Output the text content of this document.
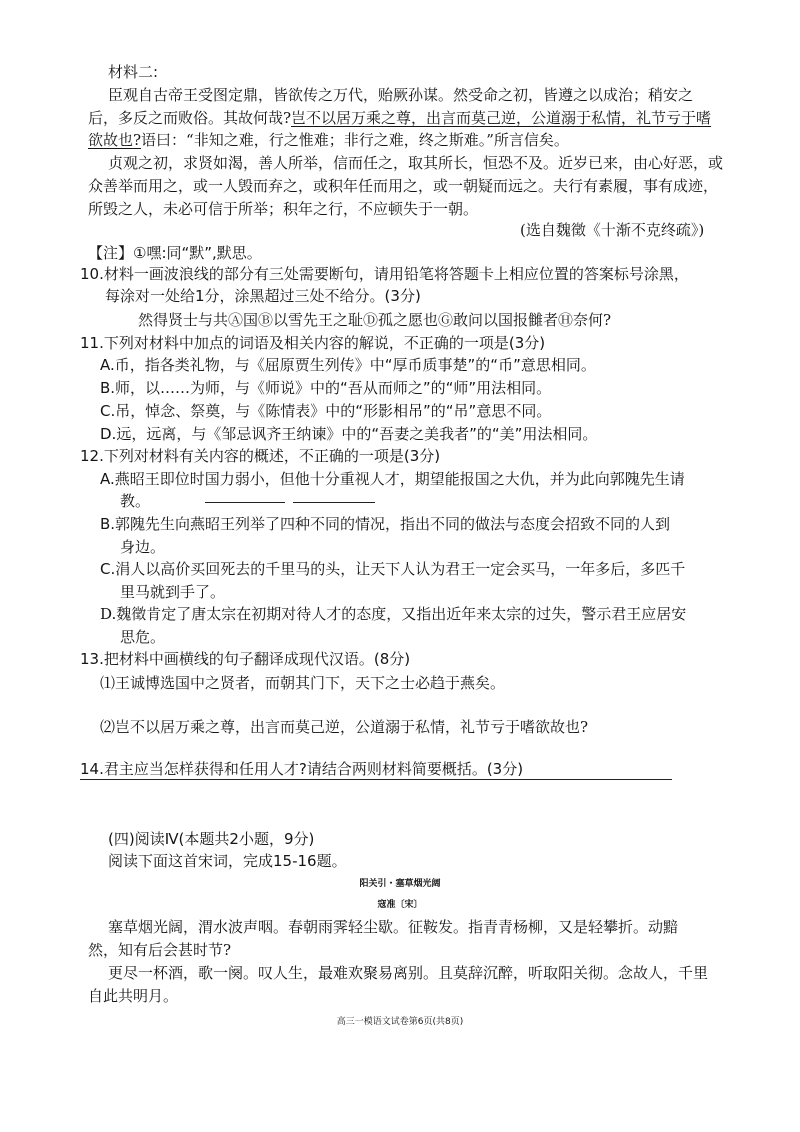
材料二:
臣观自古帝王受图定鼎，皆欲传之万代，贻厥孙谋。然受命之初，皆遵之以成治；稍安之
后，多反之而败俗。其故何哉?岂不以居万乘之尊，出言而莫己逆，公道溺于私情，礼节亏于嗜
欲故也?语曰：“非知之难，行之惟难；非行之难，终之斯难。”所言信矣。
贞观之初，求贤如渴，善人所举，信而任之，取其所长，恒恐不及。近岁已来，由心好恶，或
众善举而用之，或一人毁而弃之，或积年任而用之，或一朝疑而远之。夫行有素履，事有成迹，
所毁之人，未必可信于所举；积年之行，不应顿失于一朝。
(选自魏徵《十渐不克终疏》)
【注】①嘿:同“默”,默思。
10.材料一画波浪线的部分有三处需要断句，请用铅笔将答题卡上相应位置的答案标号涂黑，
每涂对一处给1分，涂黑超过三处不给分。(3分)
然得贤士与共Ⓐ国Ⓑ以雪先王之耻Ⓓ孤之愿也Ⓖ敢问以国报雠者Ⓗ奈何?
11.下列对材料中加点的词语及相关内容的解说，不正确的一项是(3分)
A.币，指各类礼物，与《屈原贾生列传》中“厚币质事楚”的“币”意思相同。
B.师，以……为师，与《师说》中的“吾从而师之”的“师”用法相同。
C.吊，悼念、祭奠，与《陈情表》中的“形影相吊”的“吊”意思不同。
D.远，远离，与《邹忌讽齐王纳谏》中的“吾妻之美我者”的“美”用法相同。
12.下列对材料有关内容的概述，不正确的一项是(3分)
A.燕昭王即位时国力弱小，但他十分重视人才，期望能报国之大仇，并为此向郭隗先生请
教。
B.郭隗先生向燕昭王列举了四种不同的情况，指出不同的做法与态度会招致不同的人到
身边。
C.涓人以高价买回死去的千里马的头，让天下人认为君王一定会买马，一年多后，多匹千
里马就到手了。
D.魏徵肯定了唐太宗在初期对待人才的态度，又指出近年来太宗的过失，警示君王应居安
思危。
13.把材料中画横线的句子翻译成现代汉语。(8分)
⑴王诚博选国中之贤者，而朝其门下，天下之士必趋于燕矣。
⑵岂不以居万乘之尊，出言而莫己逆，公道溺于私情，礼节亏于嗜欲故也?
14.君主应当怎样获得和任用人才?请结合两则材料简要概括。(3分)
(四)阅读Ⅳ(本题共2小题，9分)
阅读下面这首宋词，完成15-16题。
阳关引・塞草烟光阔
寇准〔宋〕
塞草烟光阔，渭水波声咽。春朝雨霁轻尘歇。征鞍发。指青青杨柳，又是轻攀折。动黯
然，知有后会甚时节?
更尽一杯酒，歌一阕。叹人生，最难欢聚易离别。且莫辞沉醉，听取阳关彻。念故人，千里
自此共明月。
高三一模语文试卷第6页(共8页)
